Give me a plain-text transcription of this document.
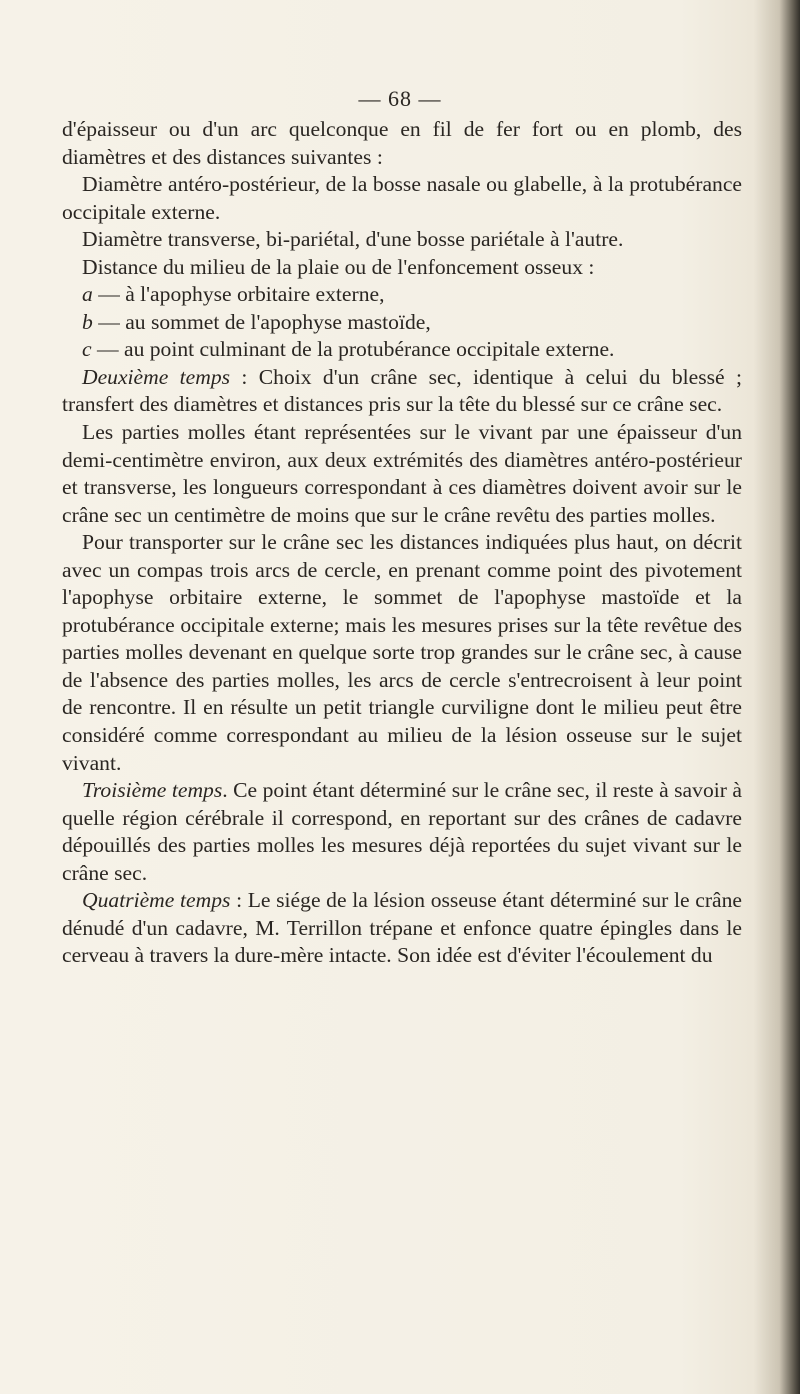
— 68 —

d'épaisseur ou d'un arc quelconque en fil de fer fort ou en plomb, des diamètres et des distances suivantes :

Diamètre antéro-postérieur, de la bosse nasale ou glabelle, à la protubérance occipitale externe.

Diamètre transverse, bi-pariétal, d'une bosse pariétale à l'autre.

Distance du milieu de la plaie ou de l'enfoncement osseux :

a — à l'apophyse orbitaire externe,

b — au sommet de l'apophyse mastoïde,

c — au point culminant de la protubérance occipitale externe.

Deuxième temps : Choix d'un crâne sec, identique à celui du blessé ; transfert des diamètres et distances pris sur la tête du blessé sur ce crâne sec.

Les parties molles étant représentées sur le vivant par une épaisseur d'un demi-centimètre environ, aux deux extrémités des diamètres antéro-postérieur et transverse, les longueurs correspondant à ces diamètres doivent avoir sur le crâne sec un centimètre de moins que sur le crâne revêtu des parties molles.

Pour transporter sur le crâne sec les distances indiquées plus haut, on décrit avec un compas trois arcs de cercle, en prenant comme point des pivotement l'apophyse orbitaire externe, le sommet de l'apophyse mastoïde et la protubérance occipitale externe; mais les mesures prises sur la tête revêtue des parties molles devenant en quelque sorte trop grandes sur le crâne sec, à cause de l'absence des parties molles, les arcs de cercle s'entrecroisent à leur point de rencontre. Il en résulte un petit triangle curviligne dont le milieu peut être considéré comme correspondant au milieu de la lésion osseuse sur le sujet vivant.

Troisième temps. Ce point étant déterminé sur le crâne sec, il reste à savoir à quelle région cérébrale il correspond, en reportant sur des crânes de cadavre dépouillés des parties molles les mesures déjà reportées du sujet vivant sur le crâne sec.

Quatrième temps : Le siége de la lésion osseuse étant déterminé sur le crâne dénudé d'un cadavre, M. Terrillon trépane et enfonce quatre épingles dans le cerveau à travers la dure-mère intacte. Son idée est d'éviter l'écoulement du
